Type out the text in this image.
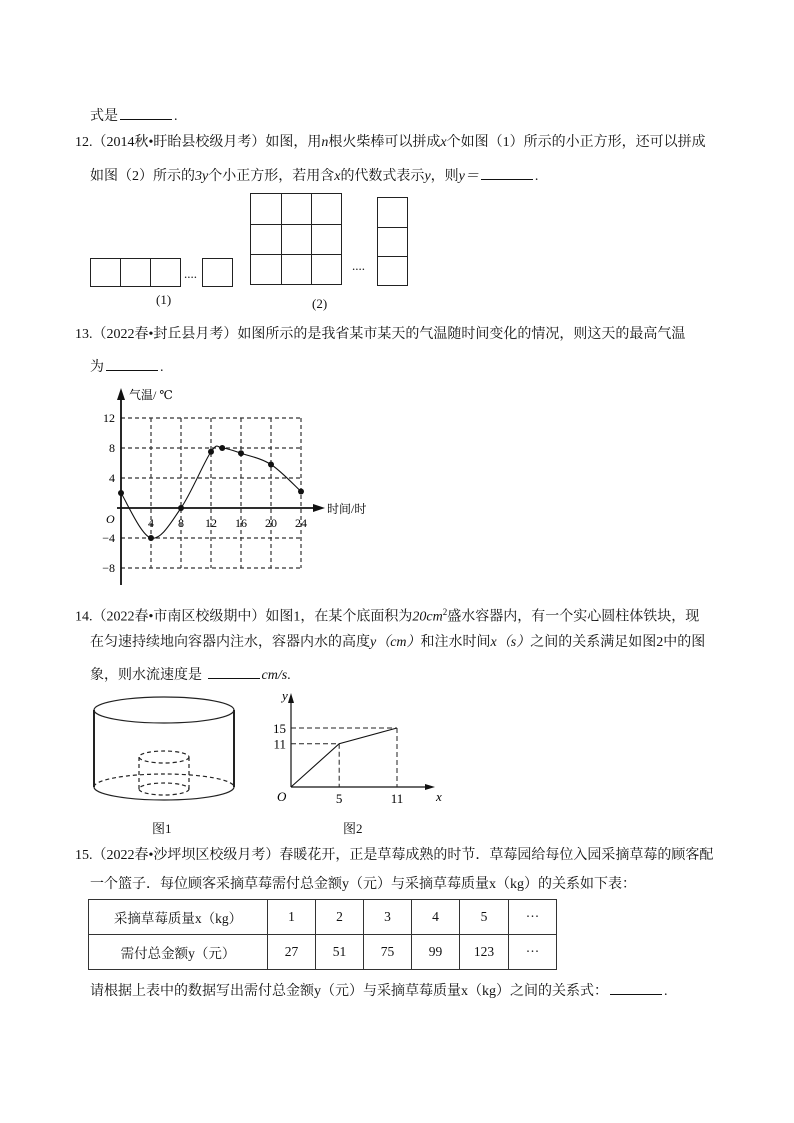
式是	.
12.（2014秋•盱眙县校级月考）如图，用n根火柴棒可以拼成x个如图（1）所示的小正方形，还可以拼成
如图（2）所示的3y个小正方形，若用含x的代数式表示y，则y＝	.
....
(1)
....
(2)
13.（2022春•封丘县月考）如图所示的是我省某市某天的气温随时间变化的情况，则这天的最高气温
为	.
气温/ ℃
时间/时
O	4 8 12 16 20 24
12
8
4
−4
−8
14.（2022春•市南区校级期中）如图1，在某个底面积为$20cm^2$盛水容器内，有一个实心圆柱体铁块，现
在匀速持续地向容器内注水，容器内水的高度y（cm）和注水时间x（s）之间的关系满足如图2中的图
象，则水流速度是	cm/s.
y
x
O	5	11
15
11
图1	图2
15.（2022春•沙坪坝区校级月考）春暖花开，正是草莓成熟的时节．草莓园给每位入园采摘草莓的顾客配
一个篮子．每位顾客采摘草莓需付总金额y（元）与采摘草莓质量x（kg）的关系如下表：
采摘草莓质量x（kg）	1	2	3	4	5	···
需付总金额y（元）	27	51	75	99	123	···
请根据上表中的数据写出需付总金额y（元）与采摘草莓质量x（kg）之间的关系式：	.
